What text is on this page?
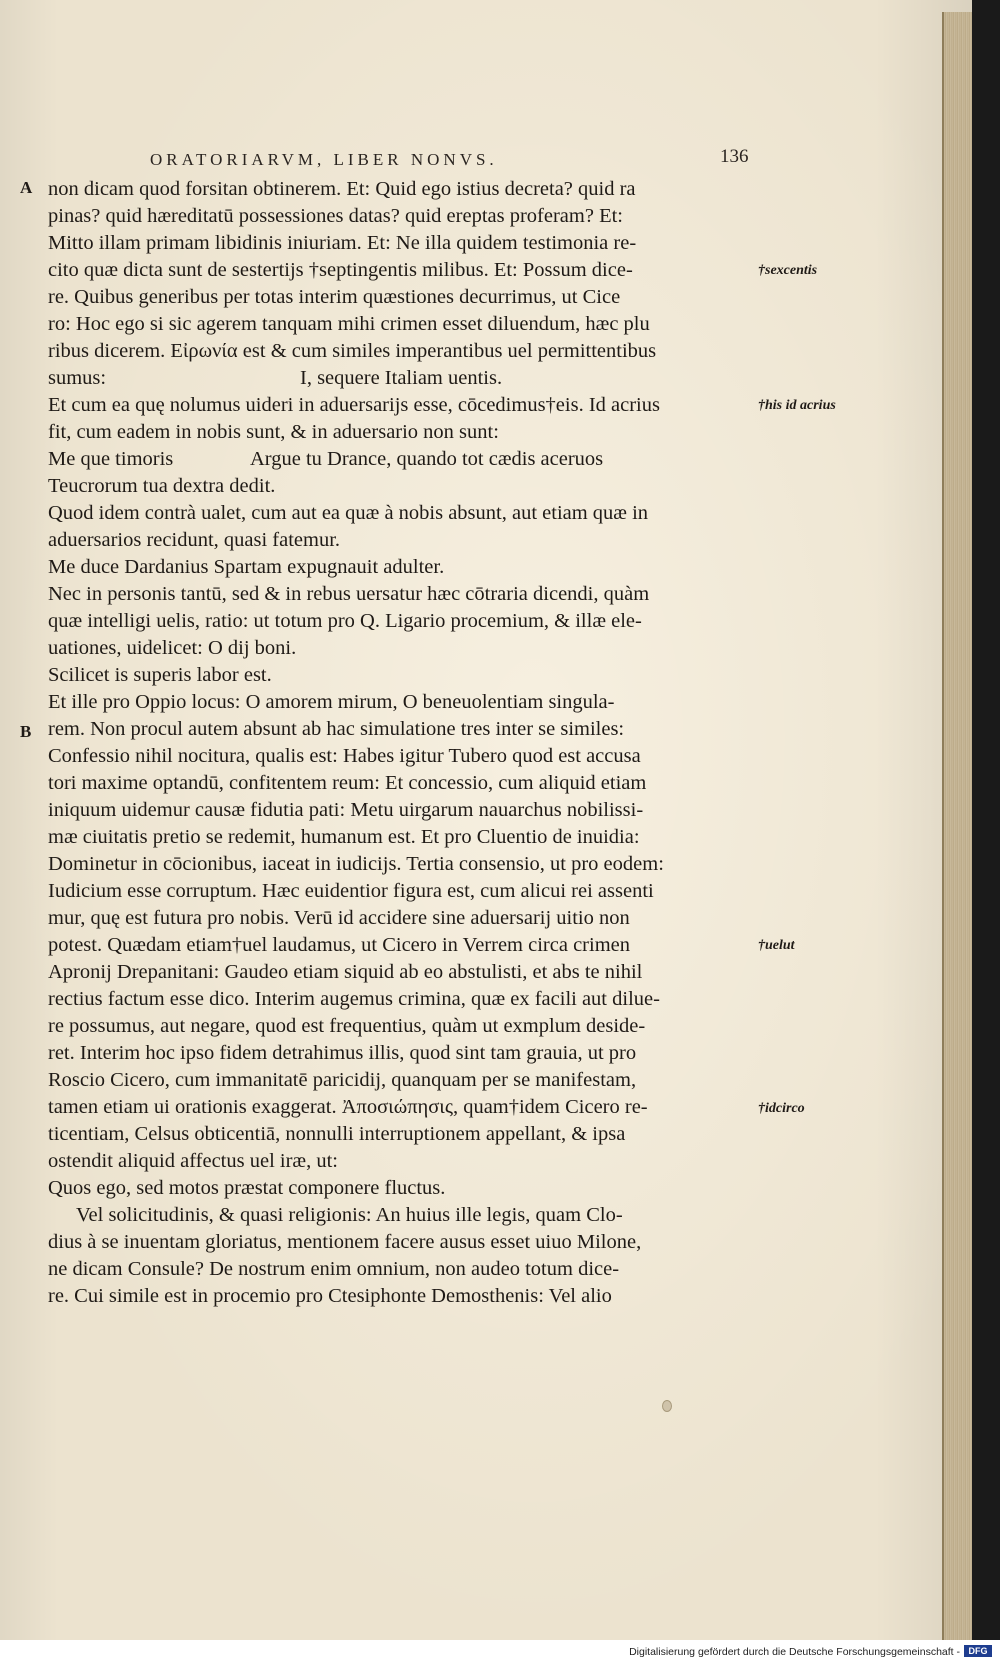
ORATORIARVM, LIBER NONVS.	136
A
B
non dicam quod forsitan obtinerem. Et: Quid ego istius decreta? quid ra
pinas? quid hæreditatū possessiones datas? quid ereptas proferam? Et:
Mitto illam primam libidinis iniuriam. Et: Ne illa quidem testimonia re-
cito quæ dicta sunt de sestertijs †septingentis milibus. Et: Possum dice-
re. Quibus generibus per totas interim quæstiones decurrimus, ut Cice
ro: Hoc ego si sic agerem tanquam mihi crimen esset diluendum, hæc plu
ribus dicerem. Εἰρωνία est & cum similes imperantibus uel permittentibus
sumus:	I, sequere Italiam uentis.
Et cum ea quę nolumus uideri in aduersarijs esse, cōcedimus†eis. Id acrius
fit, cum eadem in nobis sunt, & in aduersario non sunt:
Me que timoris	Argue tu Drance, quando tot cædis aceruos
Teucrorum tua dextra dedit.
Quod idem contrà ualet, cum aut ea quæ à nobis absunt, aut etiam quæ in
aduersarios recidunt, quasi fatemur.
Me duce Dardanius Spartam expugnauit adulter.
Nec in personis tantū, sed & in rebus uersatur hæc cōtraria dicendi, quàm
quæ intelligi uelis, ratio: ut totum pro Q. Ligario procemium, & illæ ele-
uationes, uidelicet: O dij boni.
Scilicet is superis labor est.
Et ille pro Oppio locus: O amorem mirum, O beneuolentiam singula-
rem. Non procul autem absunt ab hac simulatione tres inter se similes:
Confessio nihil nocitura, qualis est: Habes igitur Tubero quod est accusa
tori maxime optandū, confitentem reum: Et concessio, cum aliquid etiam
iniquum uidemur causæ fidutia pati: Metu uirgarum nauarchus nobilissi-
mæ ciuitatis pretio se redemit, humanum est. Et pro Cluentio de inuidia:
Dominetur in cōcionibus, iaceat in iudicijs. Tertia consensio, ut pro eodem:
Iudicium esse corruptum. Hæc euidentior figura est, cum alicui rei assenti
mur, quę est futura pro nobis. Verū id accidere sine aduersarij uitio non
potest. Quædam etiam†uel laudamus, ut Cicero in Verrem circa crimen
Apronij Drepanitani: Gaudeo etiam siquid ab eo abstulisti, et abs te nihil
rectius factum esse dico. Interim augemus crimina, quæ ex facili aut dilue-
re possumus, aut negare, quod est frequentius, quàm ut exmplum deside-
ret. Interim hoc ipso fidem detrahimus illis, quod sint tam grauia, ut pro
Roscio Cicero, cum immanitatē paricidij, quanquam per se manifestam,
tamen etiam ui orationis exaggerat. Ἀποσιώπησις, quam†idem Cicero re-
ticentiam, Celsus obticentiā, nonnulli interruptionem appellant, & ipsa
ostendit aliquid affectus uel iræ, ut:
Quos ego, sed motos præstat componere fluctus.
Vel solicitudinis, & quasi religionis: An huius ille legis, quam Clo-
dius à se inuentam gloriatus, mentionem facere ausus esset uiuo Milone,
ne dicam Consule? De nostrum enim omnium, non audeo totum dice-
re. Cui simile est in procemio pro Ctesiphonte Demosthenis: Vel alio
†sexcentis
†his id acrius
†uelut
†idcirco
Digitalisierung gefördert durch die Deutsche Forschungsgemeinschaft - DFG
